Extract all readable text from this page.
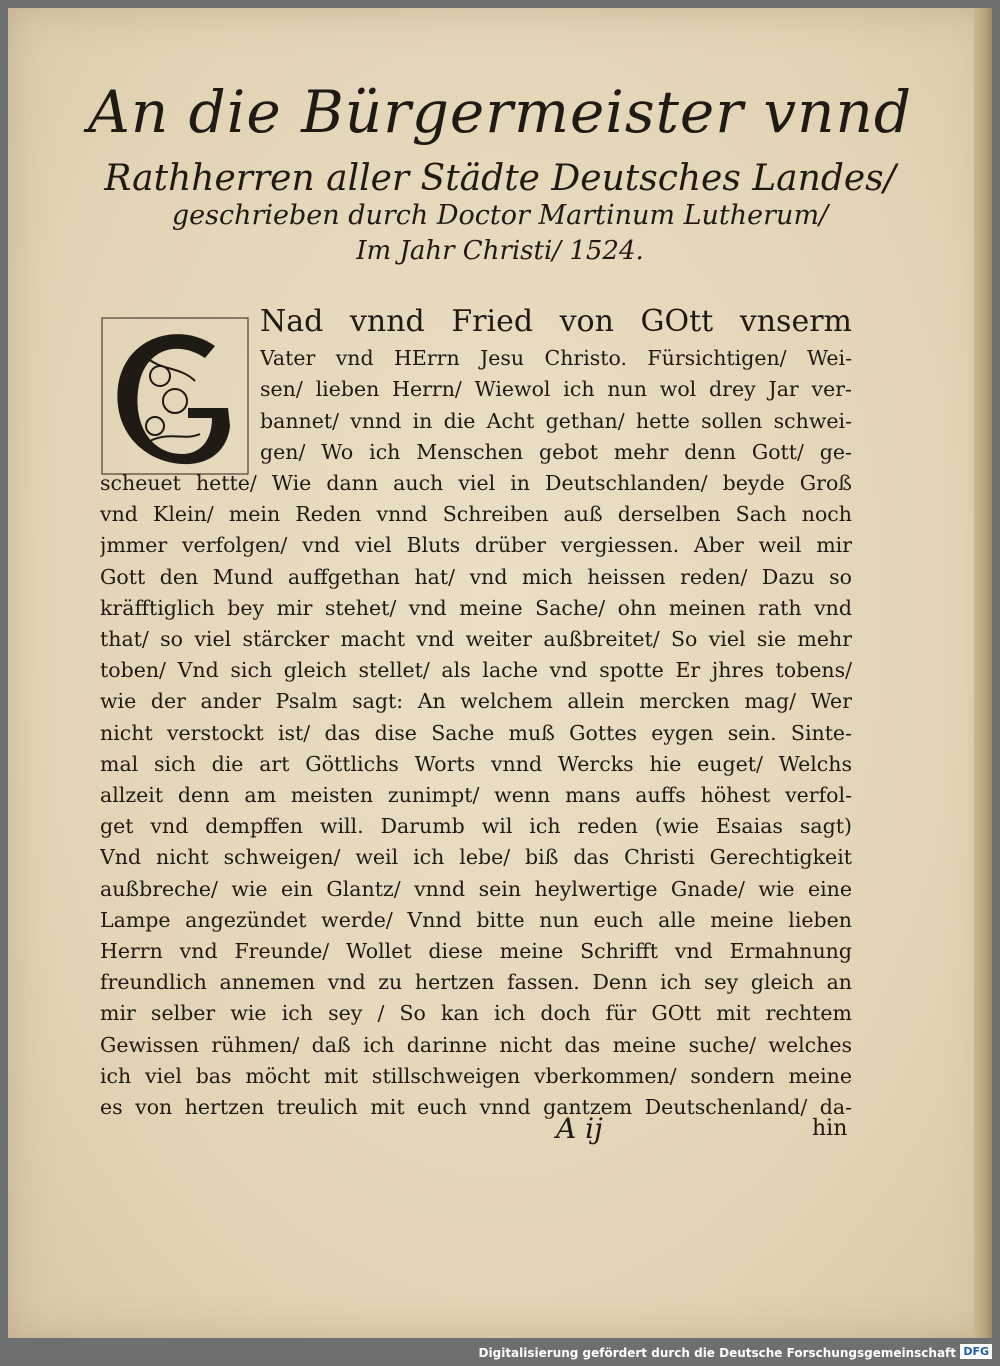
An die Bürgermeister vnnd
Rathherren aller Städte Deutsches Landes/
geschrieben durch Doctor Martinum Lutherum/
Im Jahr Christi/ 1524.
Nad vnnd Fried von GOtt vnserm
Vater vnd HErrn Jesu Christo. Fürsichtigen/ Wei-
sen/ lieben Herrn/ Wiewol ich nun wol drey Jar ver-
bannet/ vnnd in die Acht gethan/ hette sollen schwei-
gen/ Wo ich Menschen gebot mehr denn Gott/ ge-
scheuet hette/ Wie dann auch viel in Deutschlanden/ beyde Groß
vnd Klein/ mein Reden vnnd Schreiben auß derselben Sach noch
jmmer verfolgen/ vnd viel Bluts drüber vergiessen. Aber weil mir
Gott den Mund auffgethan hat/ vnd mich heissen reden/ Dazu so
kräfftiglich bey mir stehet/ vnd meine Sache/ ohn meinen rath vnd
that/ so viel stärcker macht vnd weiter außbreitet/ So viel sie mehr
toben/ Vnd sich gleich stellet/ als lache vnd spotte Er jhres tobens/
wie der ander Psalm sagt: An welchem allein mercken mag/ Wer
nicht verstockt ist/ das dise Sache muß Gottes eygen sein. Sinte-
mal sich die art Göttlichs Worts vnnd Wercks hie euget/ Welchs
allzeit denn am meisten zunimpt/ wenn mans auffs höhest verfol-
get vnd dempffen will. Darumb wil ich reden (wie Esaias sagt)
Vnd nicht schweigen/ weil ich lebe/ biß das Christi Gerechtigkeit
außbreche/ wie ein Glantz/ vnnd sein heylwertige Gnade/ wie eine
Lampe angezündet werde/ Vnnd bitte nun euch alle meine lieben
Herrn vnd Freunde/ Wollet diese meine Schrifft vnd Ermahnung
freundlich annemen vnd zu hertzen fassen. Denn ich sey gleich an
mir selber wie ich sey / So kan ich doch für GOtt mit rechtem
Gewissen rühmen/ daß ich darinne nicht das meine suche/ welches
ich viel bas möcht mit stillschweigen vberkommen/ sondern meine
es von hertzen treulich mit euch vnnd gantzem Deutschenland/ da-
A ij	hin
Digitalisierung gefördert durch die Deutsche Forschungsgemeinschaft DFG
